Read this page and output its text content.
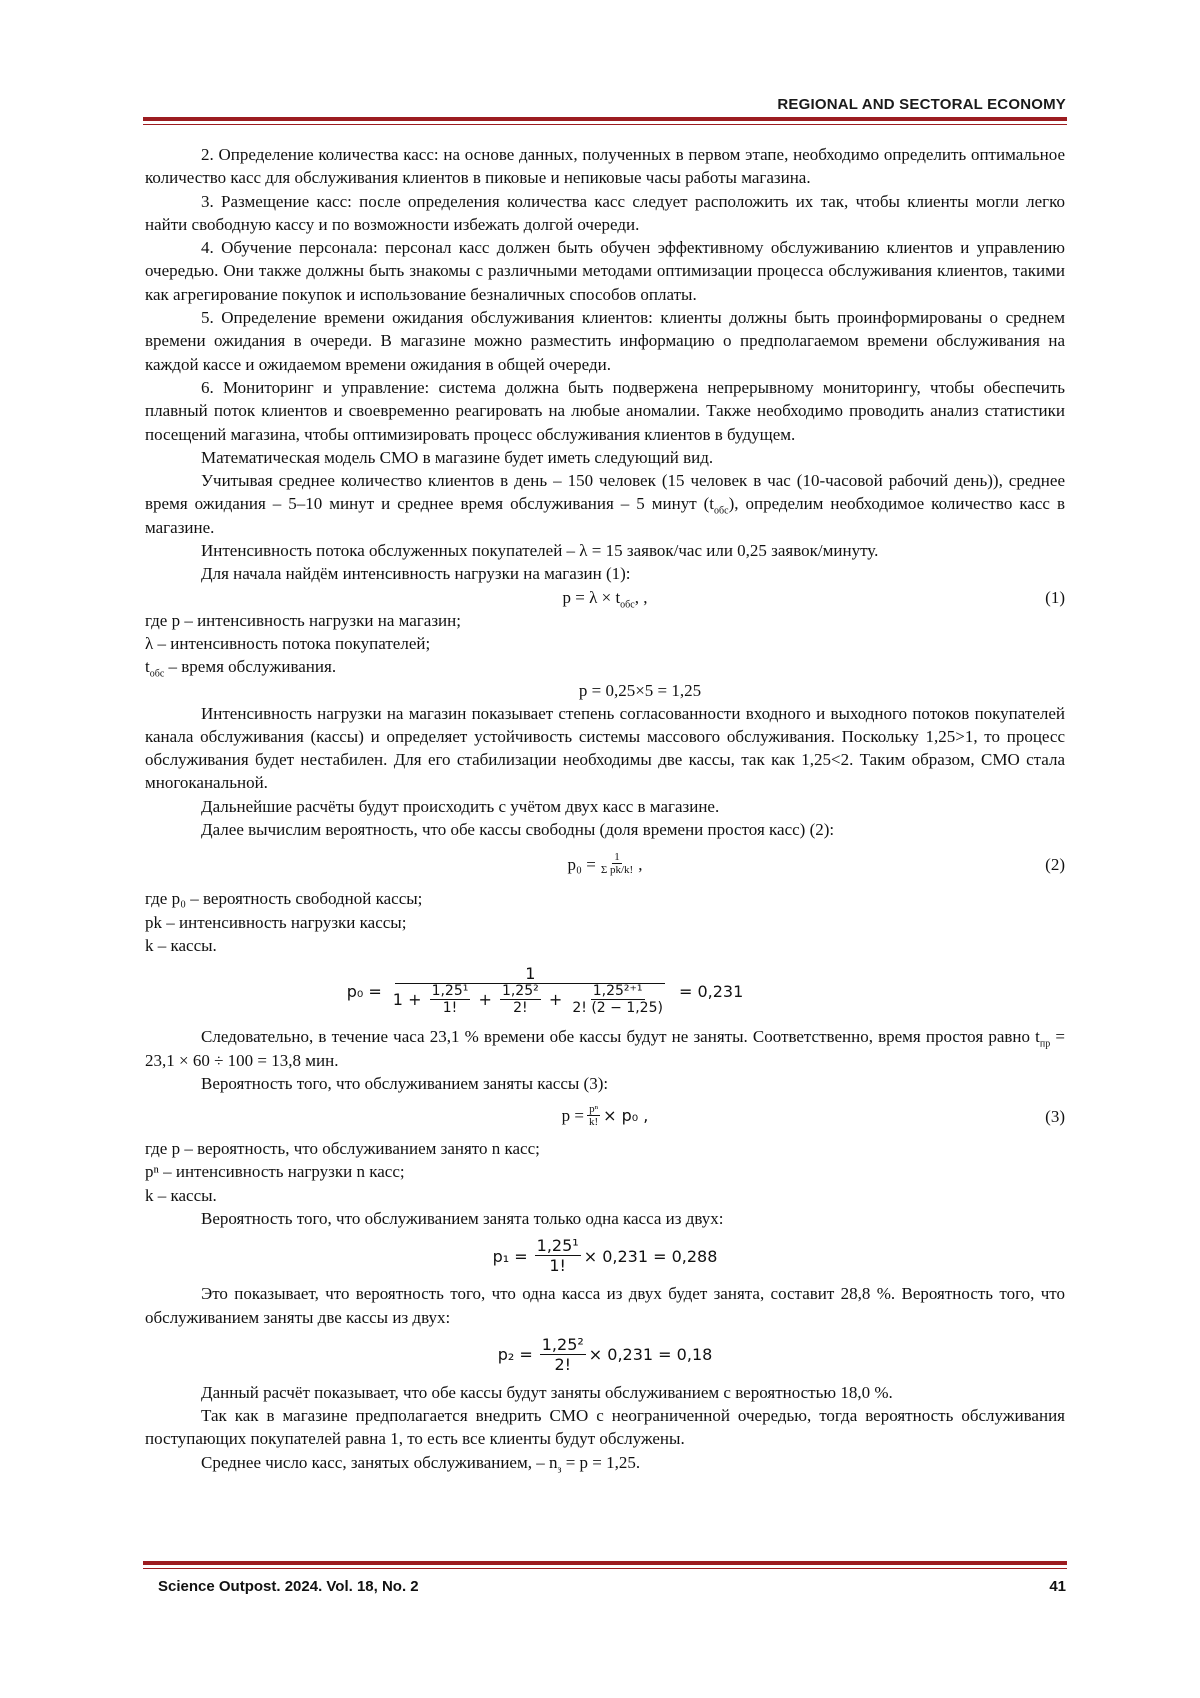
REGIONAL AND SECTORAL ECONOMY

2. Определение количества касс: на основе данных, полученных в первом этапе, необходимо определить оптимальное количество касс для обслуживания клиентов в пиковые и непиковые часы работы магазина.

3. Размещение касс: после определения количества касс следует расположить их так, чтобы клиенты могли легко найти свободную кассу и по возможности избежать долгой очереди.

4. Обучение персонала: персонал касс должен быть обучен эффективному обслуживанию клиентов и управлению очередью. Они также должны быть знакомы с различными методами оптимизации процесса обслуживания клиентов, такими как агрегирование покупок и использование безналичных способов оплаты.

5. Определение времени ожидания обслуживания клиентов: клиенты должны быть проинформированы о среднем времени ожидания в очереди. В магазине можно разместить информацию о предполагаемом времени обслуживания на каждой кассе и ожидаемом времени ожидания в общей очереди.

6. Мониторинг и управление: система должна быть подвержена непрерывному мониторингу, чтобы обеспечить плавный поток клиентов и своевременно реагировать на любые аномалии. Также необходимо проводить анализ статистики посещений магазина, чтобы оптимизировать процесс обслуживания клиентов в будущем.

Математическая модель СМО в магазине будет иметь следующий вид.

Учитывая среднее количество клиентов в день – 150 человек (15 человек в час (10-часовой рабочий день)), среднее время ожидания – 5–10 минут и среднее время обслуживания – 5 минут $(t_{обс})$, определим необходимое количество касс в магазине.

Интенсивность потока обслуженных покупателей – λ = 15 заявок/час или 0,25 заявок/минуту.

Для начала найдём интенсивность нагрузки на магазин (1):

$p = \lambda \times t_{обс}$, ,	(1)

где p – интенсивность нагрузки на магазин;

λ – интенсивность потока покупателей;

$t_{обс}$ – время обслуживания.

p = 0,25×5 = 1,25

Интенсивность нагрузки на магазин показывает степень согласованности входного и выходного потоков покупателей канала обслуживания (кассы) и определяет устойчивость системы массового обслуживания. Поскольку 1,25>1, то процесс обслуживания будет нестабилен. Для его стабилизации необходимы две кассы, так как 1,25<2. Таким образом, СМО стала многоканальной.

Дальнейшие расчёты будут происходить с учётом двух касс в магазине.

Далее вычислим вероятность, что обе кассы свободны (доля времени простоя касс) (2):

$p_0 = \frac{1}{\text{Σ pk/k!}}$ ,	(2)

где p₀ – вероятность свободной кассы;

pk – интенсивность нагрузки кассы;

k – кассы.

p₀ =
1
$1 + \frac{\text{1,25¹}}{1!} + \frac{\text{1,25²}}{2!} + \frac{\text{1,25²⁺¹}}{2! (2 - 1,25)} = 0,231$

Следовательно, в течение часа 23,1 % времени обе кассы будут не заняты. Соответственно, время простоя равно $t_{пр} = 23,1 \times 60 \div 100 = 13,8$ мин.

Вероятность того, что обслуживанием заняты кассы (3):

$p = \frac{\text{pⁿ}}{k!} \times p_0$ ,	(3)

где p – вероятность, что обслуживанием занято n касс;

pⁿ – интенсивность нагрузки n касс;

k – кассы.

Вероятность того, что обслуживанием занята только одна касса из двух:

$p_1 = \frac{\text{1,25¹}}{1!} \times 0,231 = 0,288$

Это показывает, что вероятность того, что одна касса из двух будет занята, составит 28,8 %. Вероятность того, что обслуживанием заняты две кассы из двух:

$p_2 = \frac{\text{1,25²}}{2!} \times 0,231 = 0,18$

Данный расчёт показывает, что обе кассы будут заняты обслуживанием с вероятностью 18,0 %.

Так как в магазине предполагается внедрить СМО с неограниченной очередью, тогда вероятность обслуживания поступающих покупателей равна 1, то есть все клиенты будут обслужены.

Среднее число касс, занятых обслуживанием, – $n_з = p = 1,25$.

Science Outpost. 2024. Vol. 18, No. 2	41
